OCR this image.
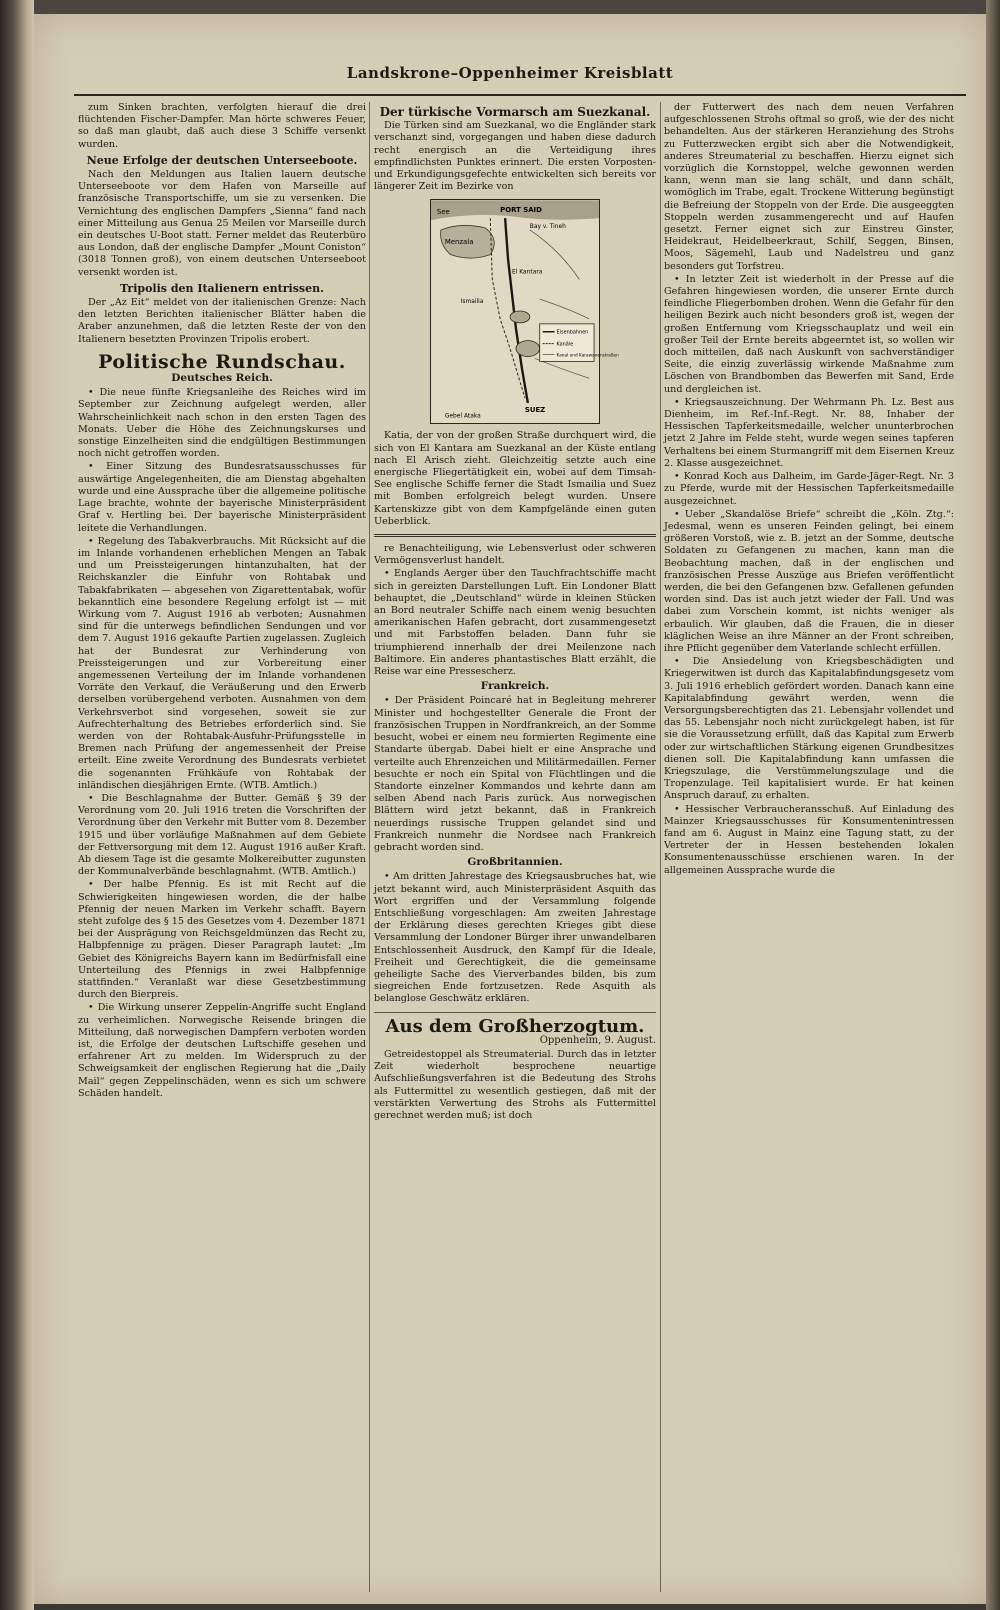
Landskrone–Oppenheimer Kreisblatt

zum Sinken brachten, verfolgten hierauf die drei flüchtenden Fischer-Dampfer. Man hörte schweres Feuer, so daß man glaubt, daß auch diese 3 Schiffe versenkt wurden.

Neue Erfolge der deutschen Unterseeboote.

Nach den Meldungen aus Italien lauern deutsche Unterseeboote vor dem Hafen von Marseille auf französische Transportschiffe, um sie zu versenken. Die Vernichtung des englischen Dampfers „Sienna“ fand nach einer Mitteilung aus Genua 25 Meilen vor Marseille durch ein deutsches U-Boot statt. Ferner meldet das Reuterbüro aus London, daß der englische Dampfer „Mount Coniston“ (3018 Tonnen groß), von einem deutschen Unterseeboot versenkt worden ist.

Tripolis den Italienern entrissen.

Der „Az Eit“ meldet von der italienischen Grenze: Nach den letzten Berichten italienischer Blätter haben die Araber anzunehmen, daß die letzten Reste der von den Italienern besetzten Provinzen Tripolis erobert.

Politische Rundschau.
Deutsches Reich.

• Die neue fünfte Kriegsanleihe des Reiches wird im September zur Zeichnung aufgelegt werden, aller Wahrscheinlichkeit nach schon in den ersten Tagen des Monats. Ueber die Höhe des Zeichnungskurses und sonstige Einzelheiten sind die endgültigen Bestimmungen noch nicht getroffen worden.

• Einer Sitzung des Bundesratsausschusses für auswärtige Angelegenheiten, die am Dienstag abgehalten wurde und eine Aussprache über die allgemeine politische Lage brachte, wohnte der bayerische Ministerpräsident Graf v. Hertling bei. Der bayerische Ministerpräsident leitete die Verhandlungen.

• Regelung des Tabakverbrauchs. Mit Rücksicht auf die im Inlande vorhandenen erheblichen Mengen an Tabak und um Preissteigerungen hintanzuhalten, hat der Reichskanzler die Einfuhr von Rohtabak und Tabakfabrikaten — abgesehen von Zigarettentabak, wofür bekanntlich eine besondere Regelung erfolgt ist — mit Wirkung vom 7. August 1916 ab verboten; Ausnahmen sind für die unterwegs befindlichen Sendungen und vor dem 7. August 1916 gekaufte Partien zugelassen. Zugleich hat der Bundesrat zur Verhinderung von Preissteigerungen und zur Vorbereitung einer angemessenen Verteilung der im Inlande vorhandenen Vorräte den Verkauf, die Veräußerung und den Erwerb derselben vorübergehend verboten. Ausnahmen von dem Verkehrsverbot sind vorgesehen, soweit sie zur Aufrechterhaltung des Betriebes erforderlich sind. Sie werden von der Rohtabak-Ausfuhr-Prüfungsstelle in Bremen nach Prüfung der angemessenheit der Preise erteilt. Eine zweite Verordnung des Bundesrats verbietet die sogenannten Frühkäufe von Rohtabak der inländischen diesjährigen Ernte. (WTB. Amtlich.)

• Die Beschlagnahme der Butter. Gemäß § 39 der Verordnung vom 20. Juli 1916 treten die Vorschriften der Verordnung über den Verkehr mit Butter vom 8. Dezember 1915 und über vorläufige Maßnahmen auf dem Gebiete der Fettversorgung mit dem 12. August 1916 außer Kraft. Ab diesem Tage ist die gesamte Molkereibutter zugunsten der Kommunalverbände beschlagnahmt. (WTB. Amtlich.)

• Der halbe Pfennig. Es ist mit Recht auf die Schwierigkeiten hingewiesen worden, die der halbe Pfennig der neuen Marken im Verkehr schafft. Bayern steht zufolge des § 15 des Gesetzes vom 4. Dezember 1871 bei der Ausprägung von Reichsgeldmünzen das Recht zu, Halbpfennige zu prägen. Dieser Paragraph lautet: „Im Gebiet des Königreichs Bayern kann im Bedürfnisfall eine Unterteilung des Pfennigs in zwei Halbpfennige stattfinden.“ Veranlaßt war diese Gesetzbestimmung durch den Bierpreis.

• Die Wirkung unserer Zeppelin-Angriffe sucht England zu verheimlichen. Norwegische Reisende bringen die Mitteilung, daß norwegischen Dampfern verboten worden ist, die Erfolge der deutschen Luftschiffe gesehen und erfahrener Art zu melden. Im Widerspruch zu der Schweigsamkeit der englischen Regierung hat die „Daily Mail“ gegen Zeppelinschäden, wenn es sich um schwere Schäden handelt.

Der türkische Vormarsch am Suezkanal.

Die Türken sind am Suezkanal, wo die Engländer stark verschanzt sind, vorgegangen und haben diese dadurch recht energisch an die Verteidigung ihres empfindlichsten Punktes erinnert. Die ersten Vorposten- und Erkundigungsgefechte entwickelten sich bereits vor längerer Zeit im Bezirke von

Eisenbahnen
Kanäle
Kanal und Karawanenstraßen
PORT SAID
See
Menzala
Bay v. Tineh
El Kantara
Ismailia
SUEZ
Gebel Ataka

Katia, der von der großen Straße durchquert wird, die sich von El Kantara am Suezkanal an der Küste entlang nach El Arisch zieht. Gleichzeitig setzte auch eine energische Fliegertätigkeit ein, wobei auf dem Timsah-See englische Schiffe ferner die Stadt Ismailia und Suez mit Bomben erfolgreich belegt wurden. Unsere Kartenskizze gibt von dem Kampfgelände einen guten Ueberblick.

re Benachteiligung, wie Lebensverlust oder schweren Vermögensverlust handelt.

• Englands Aerger über den Tauchfrachtschiffe macht sich in gereizten Darstellungen Luft. Ein Londoner Blatt behauptet, die „Deutschland“ würde in kleinen Stücken an Bord neutraler Schiffe nach einem wenig besuchten amerikanischen Hafen gebracht, dort zusammengesetzt und mit Farbstoffen beladen. Dann fuhr sie triumphierend innerhalb der drei Meilenzone nach Baltimore. Ein anderes phantastisches Blatt erzählt, die Reise war eine Pressescherz.

Frankreich.

• Der Präsident Poincaré hat in Begleitung mehrerer Minister und hochgestellter Generale die Front der französischen Truppen in Nordfrankreich, an der Somme besucht, wobei er einem neu formierten Regimente eine Standarte übergab. Dabei hielt er eine Ansprache und verteilte auch Ehrenzeichen und Militärmedaillen. Ferner besuchte er noch ein Spital von Flüchtlingen und die Standorte einzelner Kommandos und kehrte dann am selben Abend nach Paris zurück. Aus norwegischen Blättern wird jetzt bekannt, daß in Frankreich neuerdings russische Truppen gelandet sind und Frankreich nunmehr die Nordsee nach Frankreich gebracht worden sind.

Großbritannien.

• Am dritten Jahrestage des Kriegsausbruches hat, wie jetzt bekannt wird, auch Ministerpräsident Asquith das Wort ergriffen und der Versammlung folgende Entschließung vorgeschlagen: Am zweiten Jahrestage der Erklärung dieses gerechten Krieges gibt diese Versammlung der Londoner Bürger ihrer unwandelbaren Entschlossenheit Ausdruck, den Kampf für die Ideale, Freiheit und Gerechtigkeit, die die gemeinsame geheiligte Sache des Vierverbandes bilden, bis zum siegreichen Ende fortzusetzen. Rede Asquith als belanglose Geschwätz erklären.

Aus dem Großherzogtum.
Oppenheim, 9. August.

Getreidestoppel als Streumaterial. Durch das in letzter Zeit wiederholt besprochene neuartige Aufschließungsverfahren ist die Bedeutung des Strohs als Futtermittel zu wesentlich gestiegen, daß mit der verstärkten Verwertung des Strohs als Futtermittel gerechnet werden muß; ist doch

der Futterwert des nach dem neuen Verfahren aufgeschlossenen Strohs oftmal so groß, wie der des nicht behandelten. Aus der stärkeren Heranziehung des Strohs zu Futterzwecken ergibt sich aber die Notwendigkeit, anderes Streumaterial zu beschaffen. Hierzu eignet sich vorzüglich die Kornstoppel, welche gewonnen werden kann, wenn man sie lang schält, und dann schält, womöglich im Trabe, egalt. Trockene Witterung begünstigt die Befreiung der Stoppeln von der Erde. Die ausgeeggten Stoppeln werden zusammengerecht und auf Haufen gesetzt. Ferner eignet sich zur Einstreu Ginster, Heidekraut, Heidelbeerkraut, Schilf, Seggen, Binsen, Moos, Sägemehl, Laub und Nadelstreu und ganz besonders gut Torfstreu.

• In letzter Zeit ist wiederholt in der Presse auf die Gefahren hingewiesen worden, die unserer Ernte durch feindliche Fliegerbomben drohen. Wenn die Gefahr für den heiligen Bezirk auch nicht besonders groß ist, wegen der großen Entfernung vom Kriegsschauplatz und weil ein großer Teil der Ernte bereits abgeerntet ist, so wollen wir doch mitteilen, daß nach Auskunft von sachverständiger Seite, die einzig zuverlässig wirkende Maßnahme zum Löschen von Brandbomben das Bewerfen mit Sand, Erde und dergleichen ist.

• Kriegsauszeichnung. Der Wehrmann Ph. Lz. Best aus Dienheim, im Ref.-Inf.-Regt. Nr. 88, Inhaber der Hessischen Tapferkeitsmedaille, welcher ununterbrochen jetzt 2 Jahre im Felde steht, wurde wegen seines tapferen Verhaltens bei einem Sturmangriff mit dem Eisernen Kreuz 2. Klasse ausgezeichnet.

• Konrad Koch aus Dalheim, im Garde-Jäger-Regt. Nr. 3 zu Pferde, wurde mit der Hessischen Tapferkeitsmedaille ausgezeichnet.

• Ueber „Skandalöse Briefe“ schreibt die „Köln. Ztg.“: Jedesmal, wenn es unseren Feinden gelingt, bei einem größeren Vorstoß, wie z. B. jetzt an der Somme, deutsche Soldaten zu Gefangenen zu machen, kann man die Beobachtung machen, daß in der englischen und französischen Presse Auszüge aus Briefen veröffentlicht werden, die bei den Gefangenen bzw. Gefallenen gefunden worden sind. Das ist auch jetzt wieder der Fall. Und was dabei zum Vorschein kommt, ist nichts weniger als erbaulich. Wir glauben, daß die Frauen, die in dieser kläglichen Weise an ihre Männer an der Front schreiben, ihre Pflicht gegenüber dem Vaterlande schlecht erfüllen.

• Die Ansiedelung von Kriegsbeschädigten und Kriegerwitwen ist durch das Kapitalabfindungsgesetz vom 3. Juli 1916 erheblich gefördert worden. Danach kann eine Kapitalabfindung gewährt werden, wenn die Versorgungsberechtigten das 21. Lebensjahr vollendet und das 55. Lebensjahr noch nicht zurückgelegt haben, ist für sie die Voraussetzung erfüllt, daß das Kapital zum Erwerb oder zur wirtschaftlichen Stärkung eigenen Grundbesitzes dienen soll. Die Kapitalabfindung kann umfassen die Kriegszulage, die Verstümmelungszulage und die Tropenzulage. Teil kapitalisiert wurde. Er hat keinen Anspruch darauf, zu erhalten.

• Hessischer Verbraucheransschuß. Auf Einladung des Mainzer Kriegsausschusses für Konsumentenintressen fand am 6. August in Mainz eine Tagung statt, zu der Vertreter der in Hessen bestehenden lokalen Konsumentenausschüsse erschienen waren. In der allgemeinen Aussprache wurde die
